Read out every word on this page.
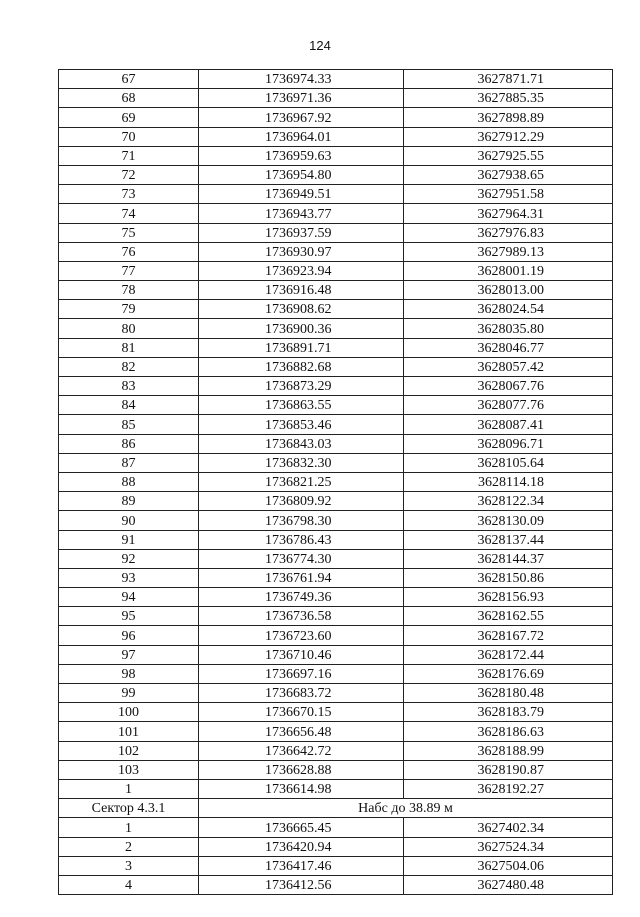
124
67	1736974.33	3627871.71
68	1736971.36	3627885.35
69	1736967.92	3627898.89
70	1736964.01	3627912.29
71	1736959.63	3627925.55
72	1736954.80	3627938.65
73	1736949.51	3627951.58
74	1736943.77	3627964.31
75	1736937.59	3627976.83
76	1736930.97	3627989.13
77	1736923.94	3628001.19
78	1736916.48	3628013.00
79	1736908.62	3628024.54
80	1736900.36	3628035.80
81	1736891.71	3628046.77
82	1736882.68	3628057.42
83	1736873.29	3628067.76
84	1736863.55	3628077.76
85	1736853.46	3628087.41
86	1736843.03	3628096.71
87	1736832.30	3628105.64
88	1736821.25	3628114.18
89	1736809.92	3628122.34
90	1736798.30	3628130.09
91	1736786.43	3628137.44
92	1736774.30	3628144.37
93	1736761.94	3628150.86
94	1736749.36	3628156.93
95	1736736.58	3628162.55
96	1736723.60	3628167.72
97	1736710.46	3628172.44
98	1736697.16	3628176.69
99	1736683.72	3628180.48
100	1736670.15	3628183.79
101	1736656.48	3628186.63
102	1736642.72	3628188.99
103	1736628.88	3628190.87
1	1736614.98	3628192.27
Сектор 4.3.1	Набс до 38.89 м	
1	1736665.45	3627402.34
2	1736420.94	3627524.34
3	1736417.46	3627504.06
4	1736412.56	3627480.48
